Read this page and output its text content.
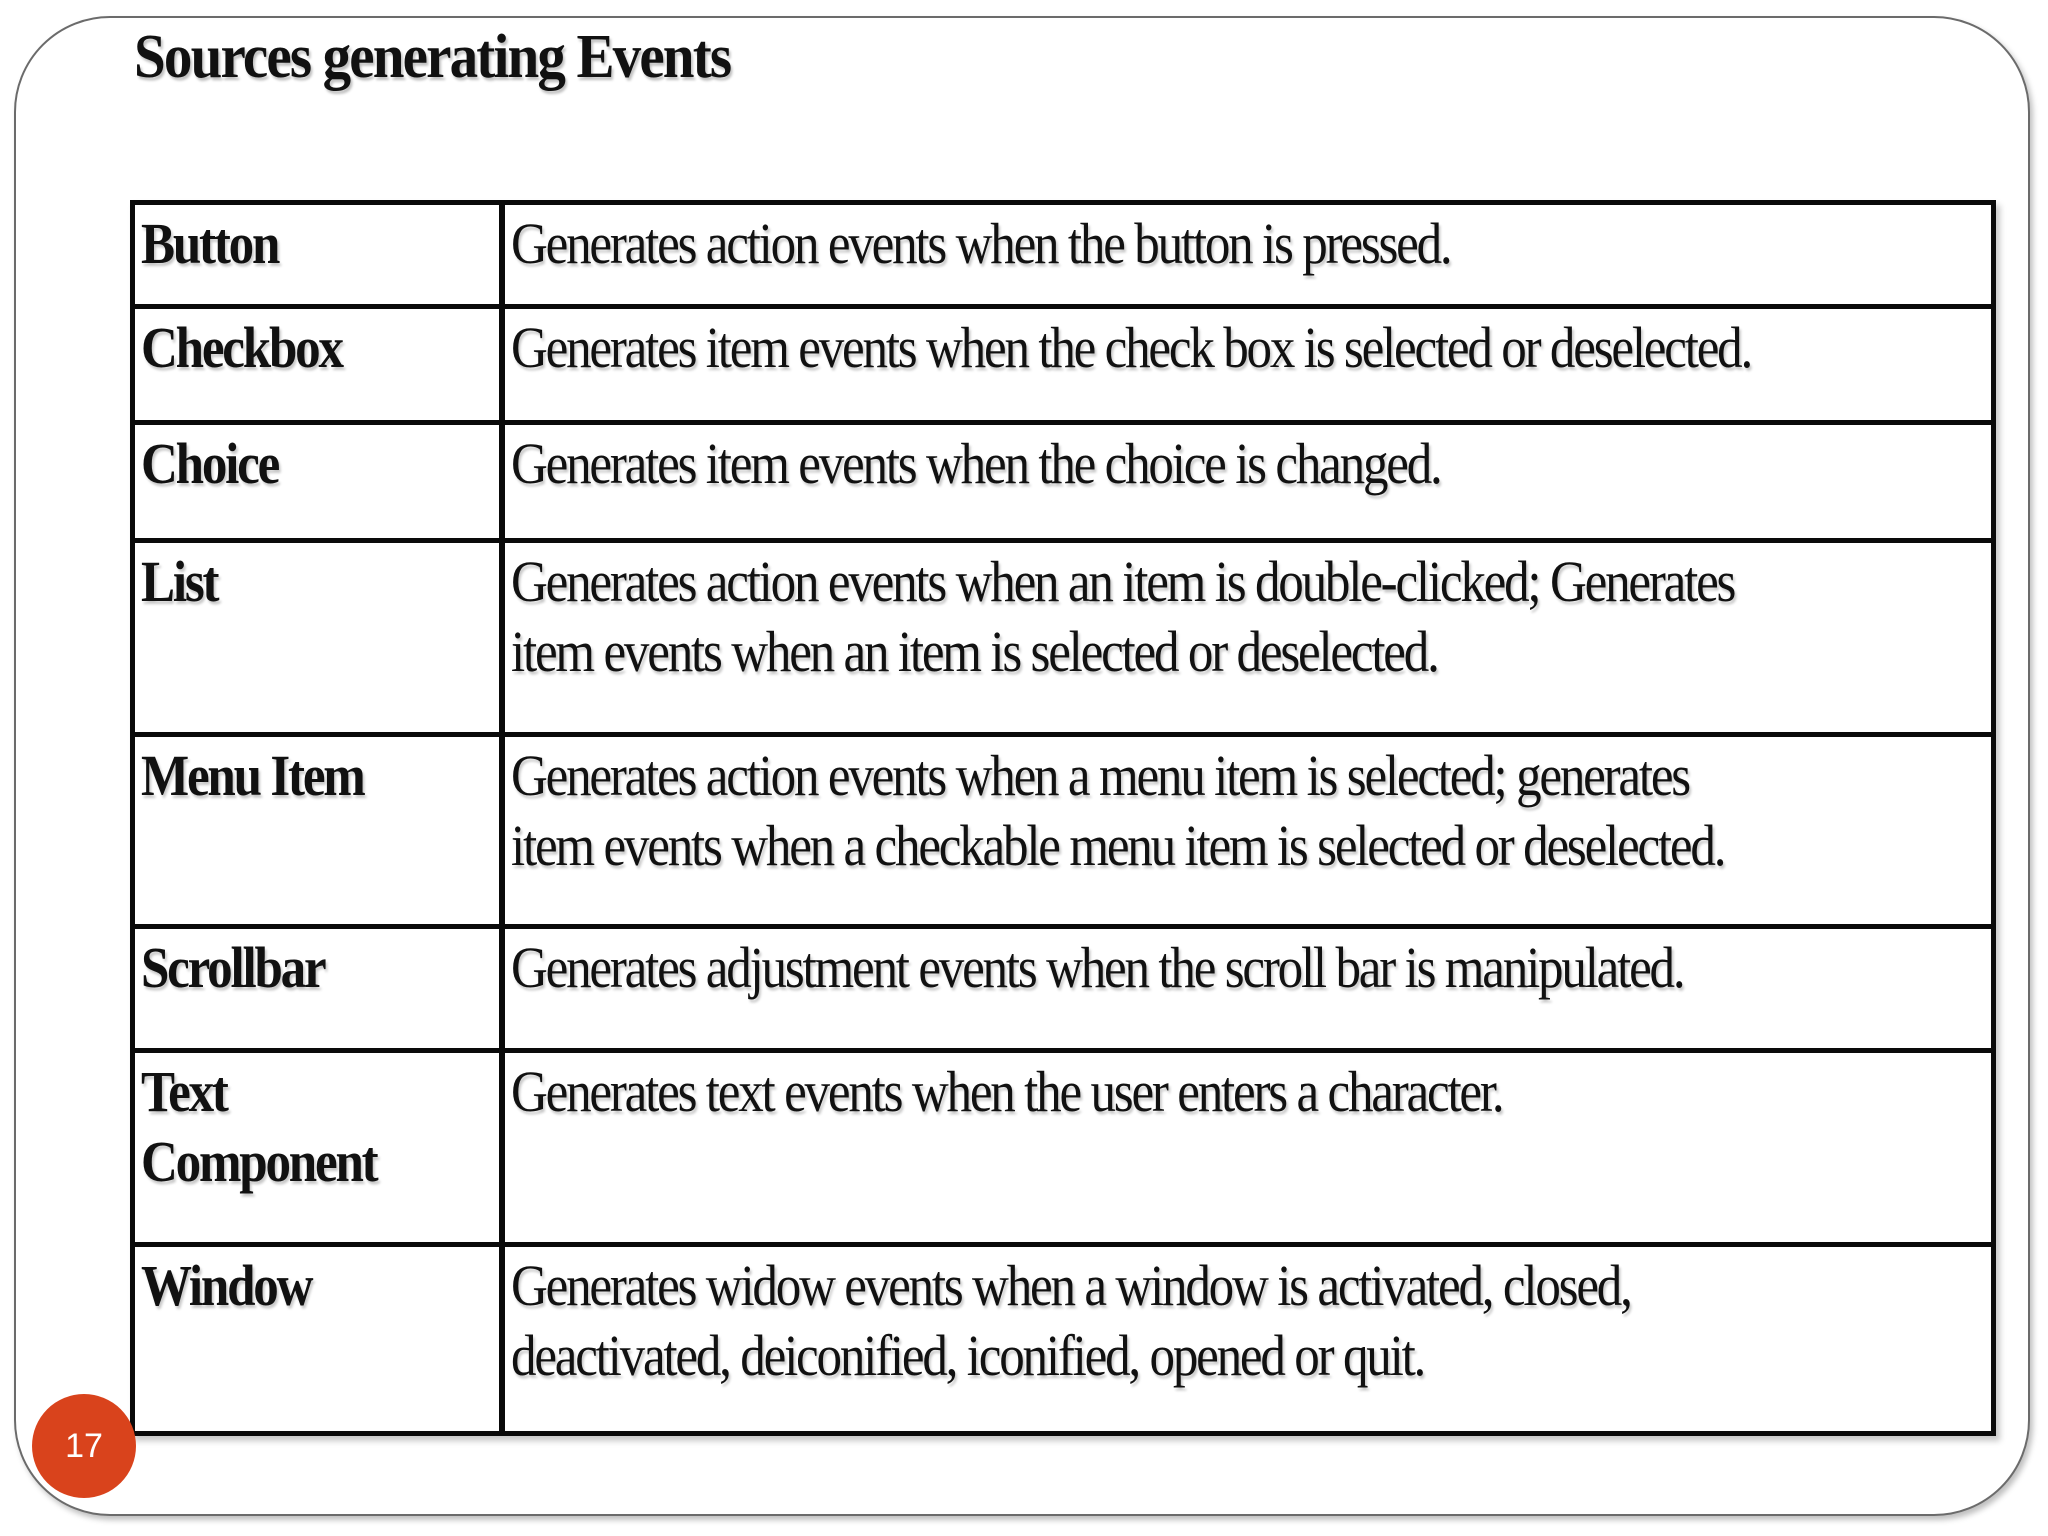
Sources generating Events
Button	Generates action events when the button is pressed.
Checkbox	Generates item events when the check box is selected or deselected.
Choice	Generates item events when the choice is changed.
List	Generates action events when an item is double-clicked; Generates
item events when an item is selected or deselected.
Menu Item	Generates action events when a menu item is selected; generates
item events when a checkable menu item is selected or deselected.
Scrollbar	Generates adjustment events when the scroll bar is manipulated.
Text
Component	Generates text events when the user enters a character.
Window	Generates widow events when a window is activated, closed,
deactivated, deiconified, iconified, opened or quit.
17
